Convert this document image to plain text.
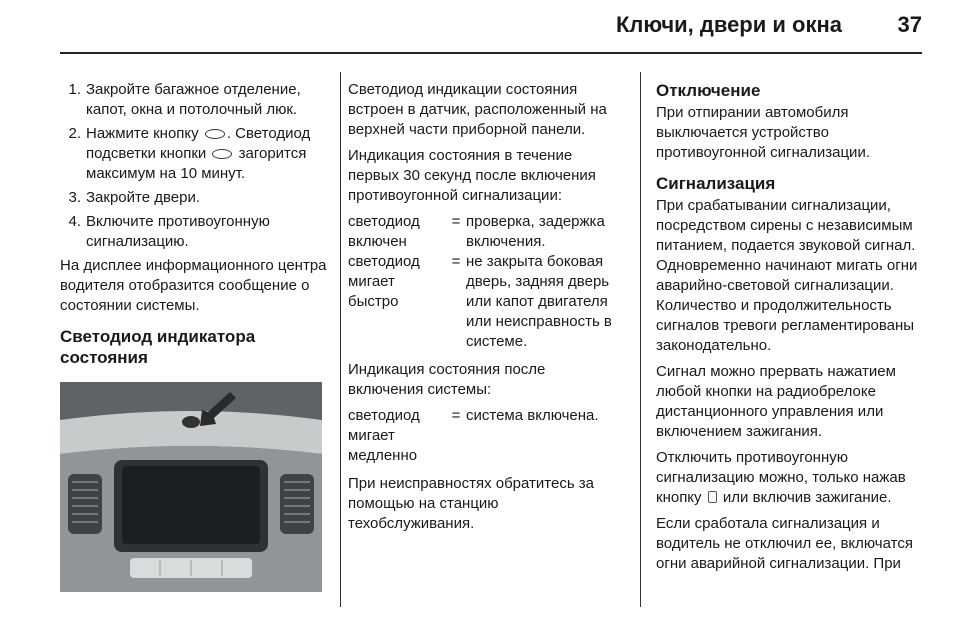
Ключи, двери и окна	37
1. Закройте багажное отделение, капот, окна и потолочный люк.
2. Нажмите кнопку . Светодиод подсветки кнопки загорится максимум на 10 минут.
3. Закройте двери.
4. Включите противоугонную сигнализацию.

На дисплее информационного центра водителя отобразится сообщение о состоянии системы.

Светодиод индикатора состояния

Светодиод индикации состояния встроен в датчик, расположенный на верхней части приборной панели.

Индикация состояния в течение первых 30 секунд после включения противоугонной сигнализации:

светодиод включен	=	проверка, задержка включения.
светодиод мигает быстро	=	не закрыта боковая дверь, задняя дверь или капот двигателя или неисправность в системе.

Индикация состояния после включения системы:

светодиод мигает медленно	=	система включена.

При неисправностях обратитесь за помощью на станцию техобслуживания.

Отключение

При отпирании автомобиля выключается устройство противоугонной сигнализации.

Сигнализация

При срабатывании сигнализации, посредством сирены с независимым питанием, подается звуковой сигнал. Одновременно начинают мигать огни аварийно-световой сигнализации. Количество и продолжительность сигналов тревоги регламентированы законодательно.

Сигнал можно прервать нажатием любой кнопки на радиобрелоке дистанционного управления или включением зажигания.

Отключить противоугонную сигнализацию можно, только нажав кнопку или включив зажигание.

Если сработала сигнализация и водитель не отключил ее, включатся огни аварийной сигнализации. При
